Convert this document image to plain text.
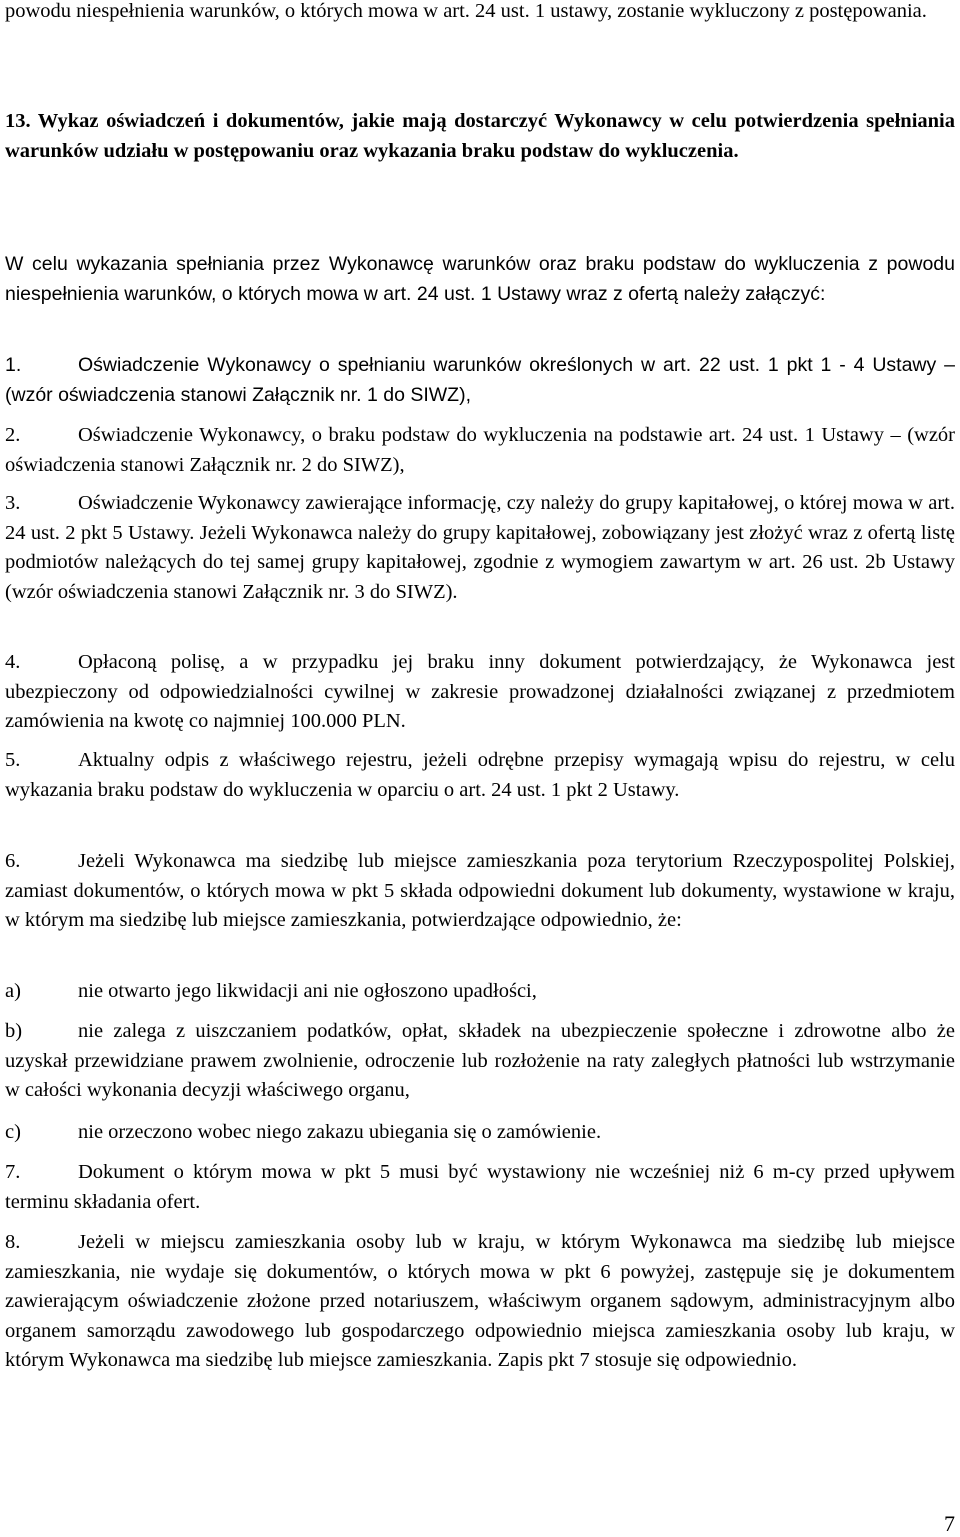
powodu niespełnienia warunków, o których mowa w art. 24 ust. 1 ustawy, zostanie wykluczony z postępowania.

13. Wykaz oświadczeń i dokumentów, jakie mają dostarczyć Wykonawcy w celu potwierdzenia spełniania warunków udziału w postępowaniu oraz wykazania braku podstaw do wykluczenia.

W celu wykazania spełniania przez Wykonawcę warunków oraz braku podstaw do wykluczenia z powodu niespełnienia warunków, o których mowa w art. 24 ust. 1 Ustawy wraz z ofertą należy załączyć:

1.	Oświadczenie Wykonawcy o spełnianiu warunków określonych w art. 22 ust. 1 pkt 1 - 4 Ustawy – (wzór oświadczenia stanowi Załącznik nr. 1 do SIWZ),

2.	Oświadczenie Wykonawcy, o braku podstaw do wykluczenia na podstawie art. 24 ust. 1 Ustawy – (wzór oświadczenia stanowi Załącznik nr. 2 do SIWZ),

3.	Oświadczenie Wykonawcy zawierające informację, czy należy do grupy kapitałowej, o której mowa w art. 24 ust. 2 pkt 5 Ustawy. Jeżeli Wykonawca należy do grupy kapitałowej, zobowiązany jest złożyć wraz z ofertą listę podmiotów należących do tej samej grupy kapitałowej, zgodnie z wymogiem zawartym w art. 26 ust. 2b Ustawy (wzór oświadczenia stanowi Załącznik nr. 3 do SIWZ).

4.	Opłaconą polisę, a w przypadku jej braku inny dokument potwierdzający, że Wykonawca jest ubezpieczony od odpowiedzialności cywilnej w zakresie prowadzonej działalności związanej z przedmiotem zamówienia na kwotę co najmniej 100.000 PLN.

5.	Aktualny odpis z właściwego rejestru, jeżeli odrębne przepisy wymagają wpisu do rejestru, w celu wykazania braku podstaw do wykluczenia w oparciu o art. 24 ust. 1 pkt 2 Ustawy.

6.	Jeżeli Wykonawca ma siedzibę lub miejsce zamieszkania poza terytorium Rzeczypospolitej Polskiej, zamiast dokumentów, o których mowa w pkt 5 składa odpowiedni dokument lub dokumenty, wystawione w kraju, w którym ma siedzibę lub miejsce zamieszkania, potwierdzające odpowiednio, że:

a)	nie otwarto jego likwidacji ani nie ogłoszono upadłości,

b)	nie zalega z uiszczaniem podatków, opłat, składek na ubezpieczenie społeczne i zdrowotne albo że uzyskał przewidziane prawem zwolnienie, odroczenie lub rozłożenie na raty zaległych płatności lub wstrzymanie w całości wykonania decyzji właściwego organu,

c)	nie orzeczono wobec niego zakazu ubiegania się o zamówienie.

7.	Dokument o którym mowa w pkt 5 musi być wystawiony nie wcześniej niż 6 m-cy przed upływem terminu składania ofert.

8.	Jeżeli w miejscu zamieszkania osoby lub w kraju, w którym Wykonawca ma siedzibę lub miejsce zamieszkania, nie wydaje się dokumentów, o których mowa w pkt 6 powyżej, zastępuje się je dokumentem zawierającym oświadczenie złożone przed notariuszem, właściwym organem sądowym, administracyjnym albo organem samorządu zawodowego lub gospodarczego odpowiednio miejsca zamieszkania osoby lub kraju, w którym Wykonawca ma siedzibę lub miejsce zamieszkania. Zapis pkt 7 stosuje się odpowiednio.

7
